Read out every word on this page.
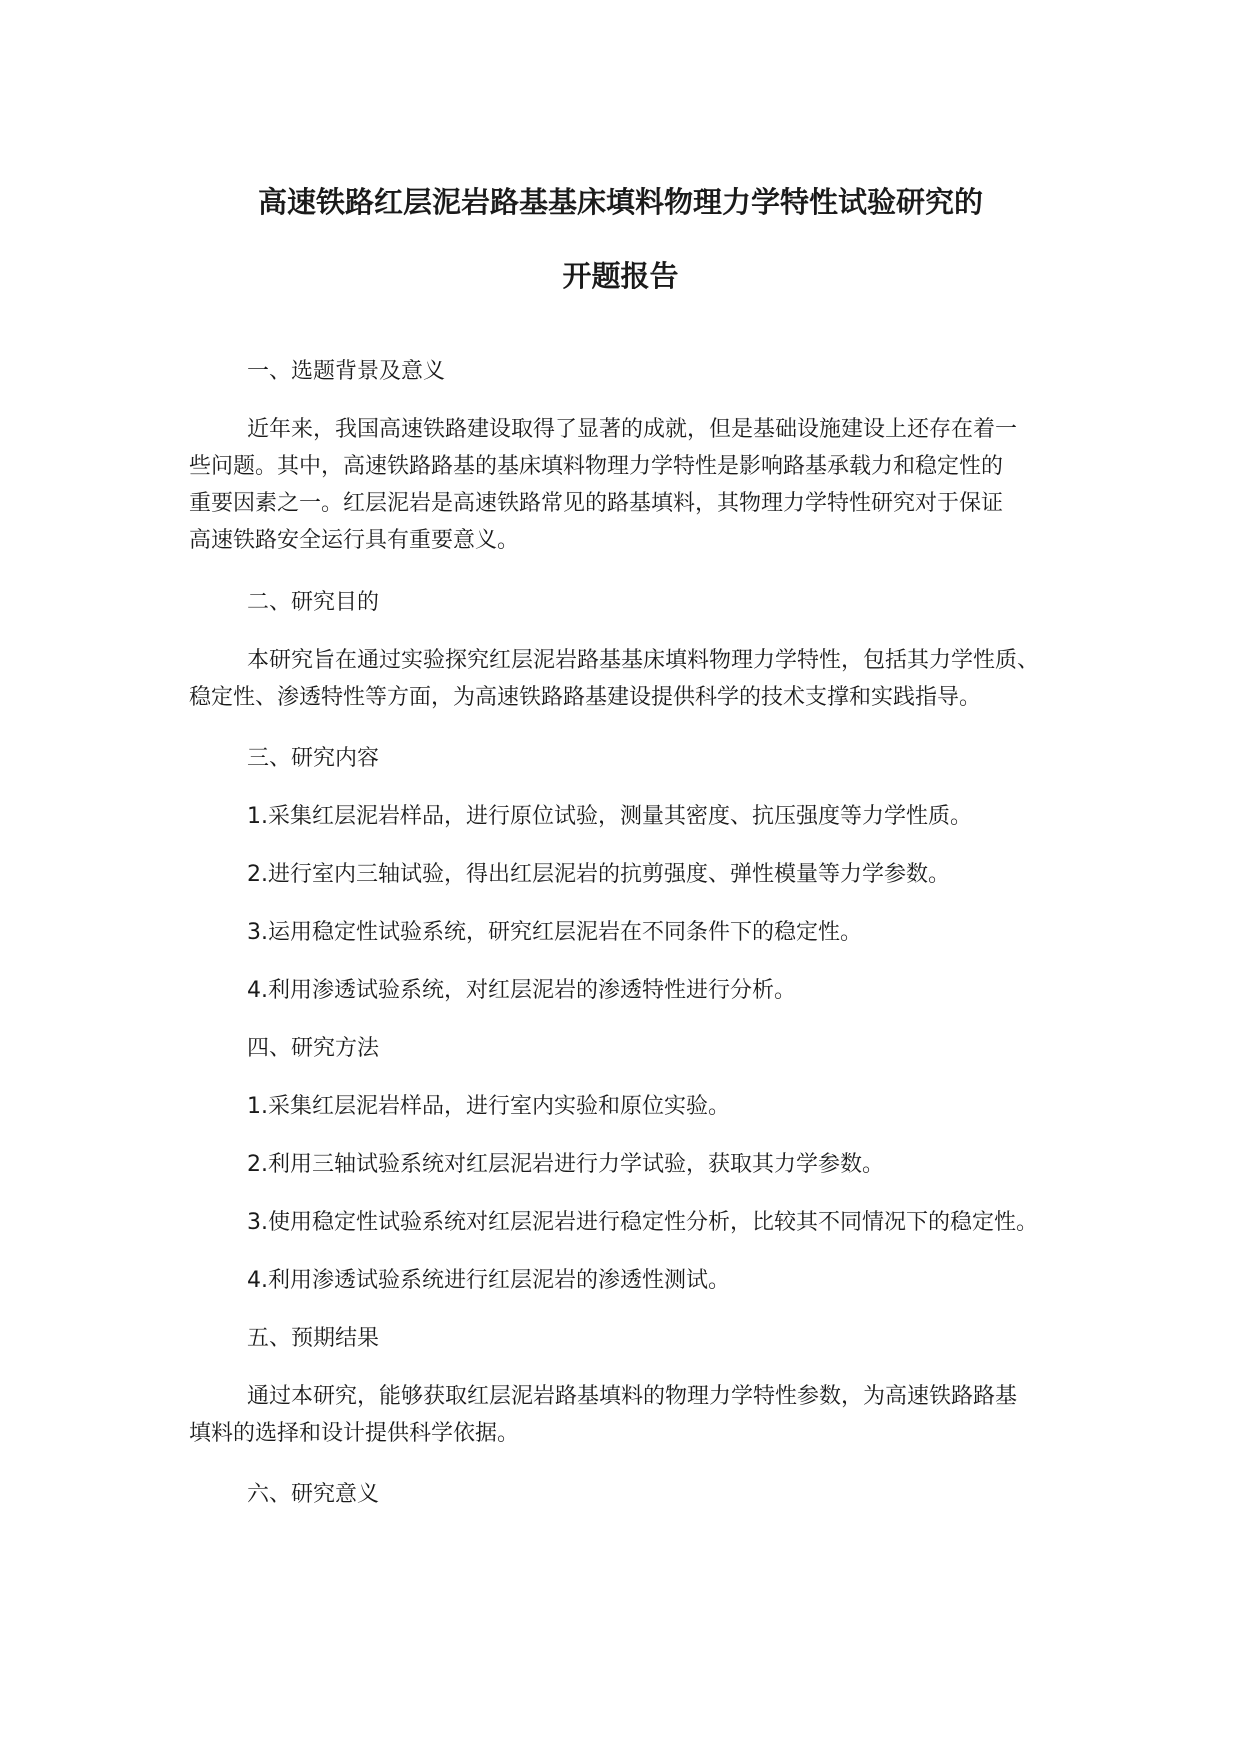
高速铁路红层泥岩路基基床填料物理力学特性试验研究的
开题报告
一、选题背景及意义
近年来，我国高速铁路建设取得了显著的成就，但是基础设施建设上还存在着一
些问题。其中，高速铁路路基的基床填料物理力学特性是影响路基承载力和稳定性的
重要因素之一。红层泥岩是高速铁路常见的路基填料，其物理力学特性研究对于保证
高速铁路安全运行具有重要意义。
二、研究目的
本研究旨在通过实验探究红层泥岩路基基床填料物理力学特性，包括其力学性质、
稳定性、渗透特性等方面，为高速铁路路基建设提供科学的技术支撑和实践指导。
三、研究内容
1.采集红层泥岩样品，进行原位试验，测量其密度、抗压强度等力学性质。
2.进行室内三轴试验，得出红层泥岩的抗剪强度、弹性模量等力学参数。
3.运用稳定性试验系统，研究红层泥岩在不同条件下的稳定性。
4.利用渗透试验系统，对红层泥岩的渗透特性进行分析。
四、研究方法
1.采集红层泥岩样品，进行室内实验和原位实验。
2.利用三轴试验系统对红层泥岩进行力学试验，获取其力学参数。
3.使用稳定性试验系统对红层泥岩进行稳定性分析，比较其不同情况下的稳定性。
4.利用渗透试验系统进行红层泥岩的渗透性测试。
五、预期结果
通过本研究，能够获取红层泥岩路基填料的物理力学特性参数，为高速铁路路基
填料的选择和设计提供科学依据。
六、研究意义
